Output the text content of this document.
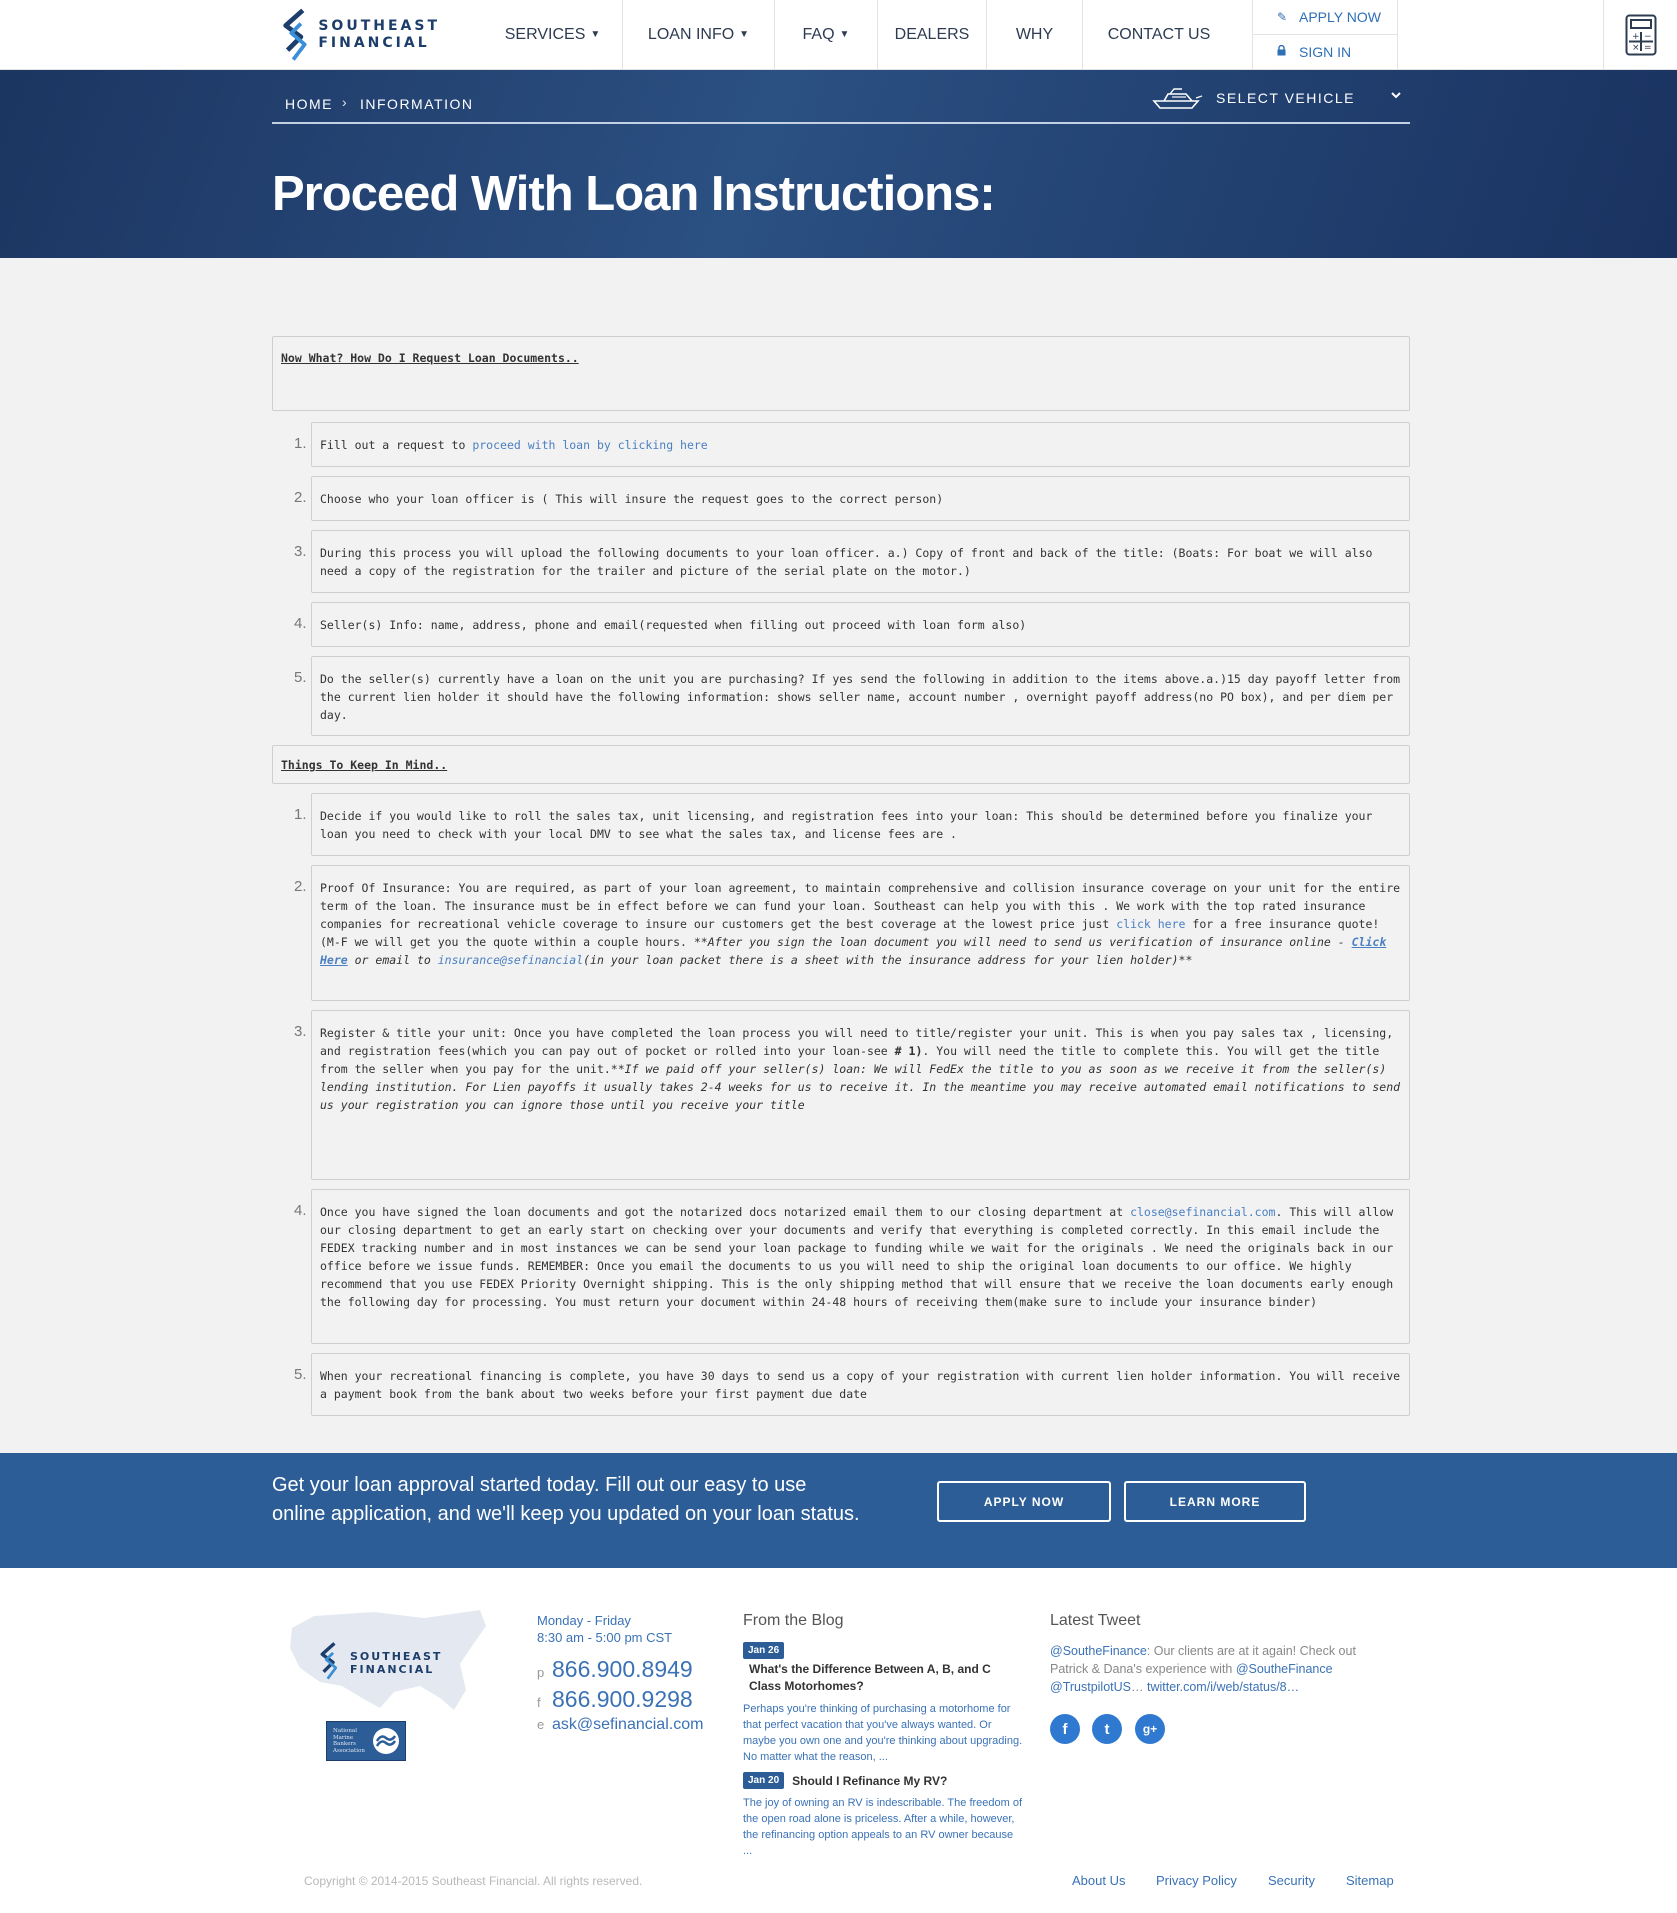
SOUTHEAST
FINANCIAL
SERVICES ▼	LOAN INFO ▼	FAQ ▼	DEALERS	WHY	CONTACT US
✎ APPLY NOW
SIGN IN
+ −
× =
HOME › INFORMATION	SELECT VEHICLE
Proceed With Loan Instructions:
Now What? How Do I Request Loan Documents..
1.	Fill out a request to proceed with loan by clicking here
2.	Choose who your loan officer is ( This will insure the request goes to the correct person)
3.	During this process you will upload the following documents to your loan officer. a.) Copy of front and back of the title: (Boats: For boat we will also need a copy of the registration for the trailer and picture of the serial plate on the motor.)
4.	Seller(s) Info: name, address, phone and email(requested when filling out proceed with loan form also)
5.	Do the seller(s) currently have a loan on the unit you are purchasing? If yes send the following in addition to the items above.a.)15 day payoff letter from the current lien holder it should have the following information: shows seller name, account number , overnight payoff address(no PO box), and per diem per day.
Things To Keep In Mind..
1.	Decide if you would like to roll the sales tax, unit licensing, and registration fees into your loan: This should be determined before you finalize your loan you need to check with your local DMV to see what the sales tax, and license fees are .
2.	Proof Of Insurance: You are required, as part of your loan agreement, to maintain comprehensive and collision insurance coverage on your unit for the entire term of the loan. The insurance must be in effect before we can fund your loan. Southeast can help you with this . We work with the top rated insurance companies for recreational vehicle coverage to insure our customers get the best coverage at the lowest price just click here for a free insurance quote! (M-F we will get you the quote within a couple hours. **After you sign the loan document you will need to send us verification of insurance online - Click Here or email to insurance@sefinancial(in your loan packet there is a sheet with the insurance address for your lien holder)**
3.	Register & title your unit: Once you have completed the loan process you will need to title/register your unit. This is when you pay sales tax , licensing, and registration fees(which you can pay out of pocket or rolled into your loan-see # 1). You will need the title to complete this. You will get the title from the seller when you pay for the unit.**If we paid off your seller(s) loan: We will FedEx the title to you as soon as we receive it from the seller(s) lending institution. For Lien payoffs it usually takes 2-4 weeks for us to receive it. In the meantime you may receive automated email notifications to send us your registration you can ignore those until you receive your title
4.	Once you have signed the loan documents and got the notarized docs notarized email them to our closing department at close@sefinancial.com. This will allow our closing department to get an early start on checking over your documents and verify that everything is completed correctly. In this email include the FEDEX tracking number and in most instances we can be send your loan package to funding while we wait for the originals . We need the originals back in our office before we issue funds. REMEMBER: Once you email the documents to us you will need to ship the original loan documents to our office. We highly recommend that you use FEDEX Priority Overnight shipping. This is the only shipping method that will ensure that we receive the loan documents early enough the following day for processing. You must return your document within 24-48 hours of receiving them(make sure to include your insurance binder)
5.	When your recreational financing is complete, you have 30 days to send us a copy of your registration with current lien holder information. You will receive a payment book from the bank about two weeks before your first payment due date
Get your loan approval started today. Fill out our easy to use online application, and we'll keep you updated on your loan status.
APPLY NOW	LEARN MORE
SOUTHEAST
FINANCIAL
National
Marine
Bankers
Association
Monday - Friday
8:30 am - 5:00 pm CST
p 866.900.8949
f 866.900.9298
e ask@sefinancial.com
From the Blog
Jan 26
What's the Difference Between A, B, and C Class Motorhomes?
Perhaps you're thinking of purchasing a motorhome for that perfect vacation that you've always wanted. Or maybe you own one and you're thinking about upgrading. No matter what the reason, ...
Jan 20	Should I Refinance My RV?
The joy of owning an RV is indescribable. The freedom of the open road alone is priceless. After a while, however, the refinancing option appeals to an RV owner because ...
Latest Tweet
@SoutheFinance: Our clients are at it again! Check out Patrick & Dana's experience with @SoutheFinance @TrustpilotUS… twitter.com/i/web/status/8…
f	t	g+
Copyright © 2014-2015 Southeast Financial. All rights reserved.	About Us Privacy Policy Security Sitemap
